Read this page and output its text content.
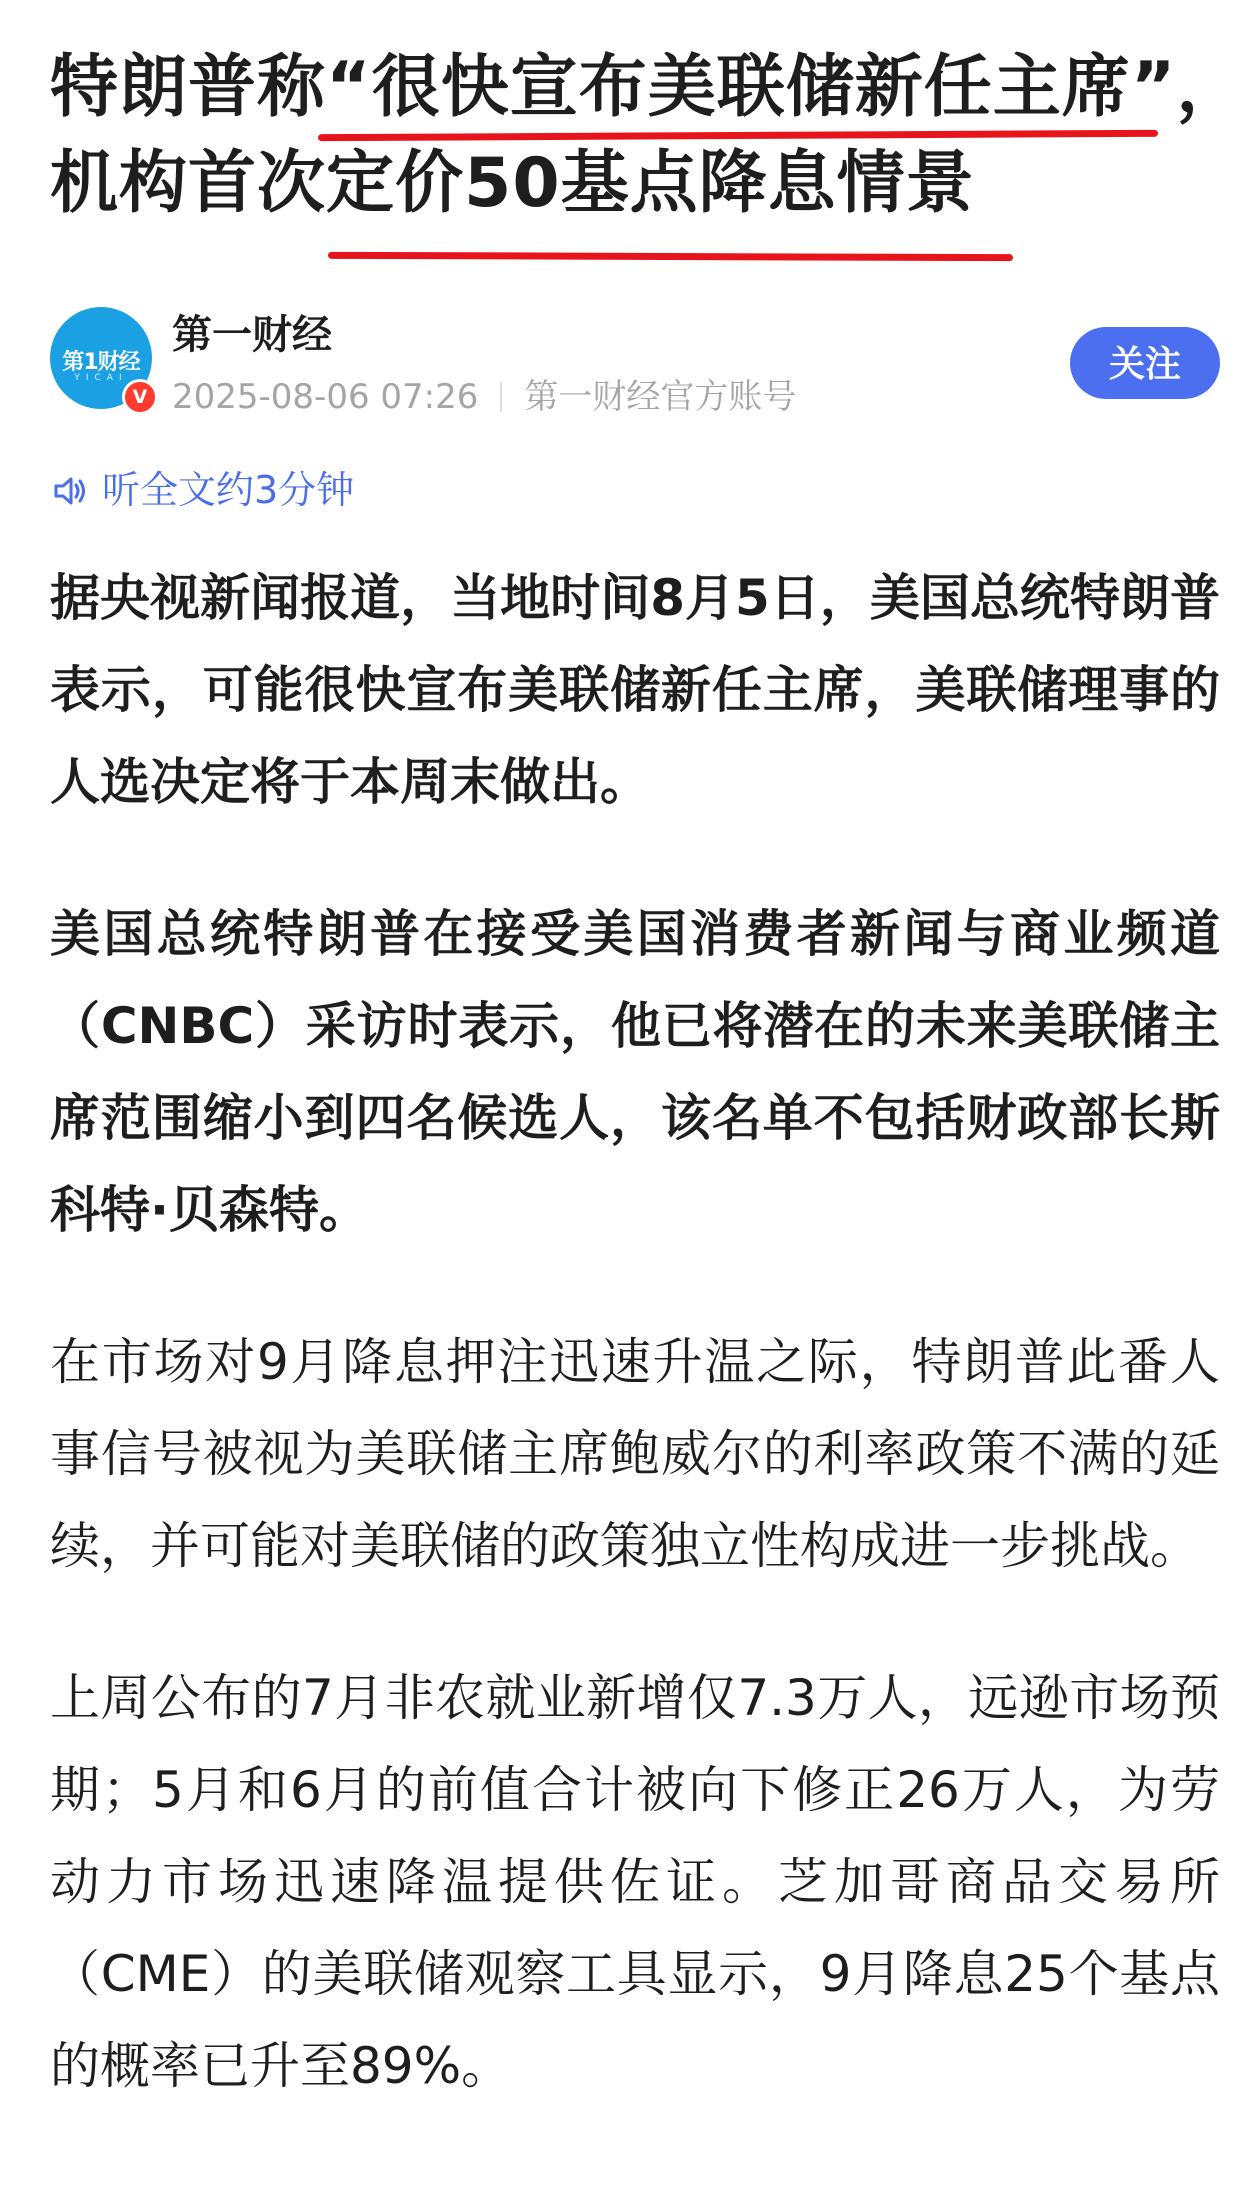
特朗普称“很快宣布美联储新任主席”，
机构首次定价50基点降息情景
第1财经
YICAI
V
第一财经
2025-08-06 07:26 第一财经官方账号
关注
听全文约3分钟

据央视新闻报道，当地时间8月5日，美国总统特朗普表示，可能很快宣布美联储新任主席，美联储理事的人选决定将于本周末做出。

美国总统特朗普在接受美国消费者新闻与商业频道（CNBC）采访时表示，他已将潜在的未来美联储主席范围缩小到四名候选人，该名单不包括财政部长斯科特·贝森特。

在市场对9月降息押注迅速升温之际，特朗普此番人事信号被视为美联储主席鲍威尔的利率政策不满的延续，并可能对美联储的政策独立性构成进一步挑战。

上周公布的7月非农就业新增仅7.3万人，远逊市场预期；5月和6月的前值合计被向下修正26万人，为劳动力市场迅速降温提供佐证。芝加哥商品交易所（CME）的美联储观察工具显示，9月降息25个基点的概率已升至89%。
